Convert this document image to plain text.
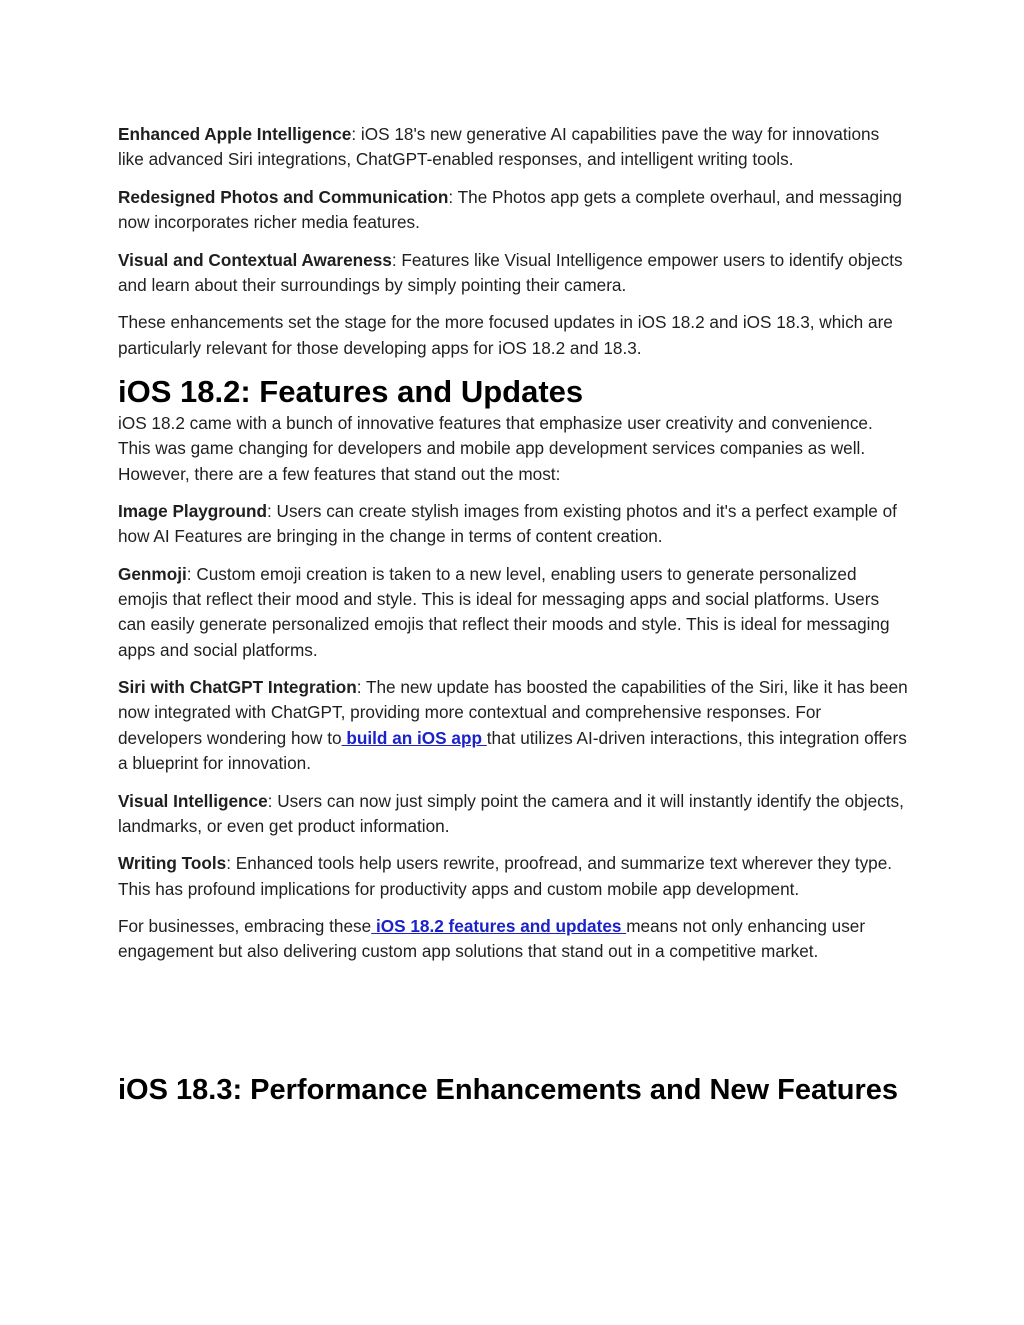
Enhanced Apple Intelligence: iOS 18's new generative AI capabilities pave the way for innovations like advanced Siri integrations, ChatGPT-enabled responses, and intelligent writing tools.

Redesigned Photos and Communication: The Photos app gets a complete overhaul, and messaging now incorporates richer media features.

Visual and Contextual Awareness: Features like Visual Intelligence empower users to identify objects and learn about their surroundings by simply pointing their camera.

These enhancements set the stage for the more focused updates in iOS 18.2 and iOS 18.3, which are particularly relevant for those developing apps for iOS 18.2 and 18.3.

iOS 18.2: Features and Updates

iOS 18.2 came with a bunch of innovative features that emphasize user creativity and convenience. This was game changing for developers and mobile app development services companies as well. However, there are a few features that stand out the most:

Image Playground: Users can create stylish images from existing photos and it's a perfect example of how AI Features are bringing in the change in terms of content creation.

Genmoji: Custom emoji creation is taken to a new level, enabling users to generate personalized emojis that reflect their mood and style. This is ideal for messaging apps and social platforms. Users can easily generate personalized emojis that reflect their moods and style. This is ideal for messaging apps and social platforms.

Siri with ChatGPT Integration: The new update has boosted the capabilities of the Siri, like it has been now integrated with ChatGPT, providing more contextual and comprehensive responses. For developers wondering how to build an iOS app that utilizes AI-driven interactions, this integration offers a blueprint for innovation.

Visual Intelligence: Users can now just simply point the camera and it will instantly identify the objects, landmarks, or even get product information.

Writing Tools: Enhanced tools help users rewrite, proofread, and summarize text wherever they type. This has profound implications for productivity apps and custom mobile app development.

For businesses, embracing these iOS 18.2 features and updates means not only enhancing user engagement but also delivering custom app solutions that stand out in a competitive market.

iOS 18.3: Performance Enhancements and New Features
